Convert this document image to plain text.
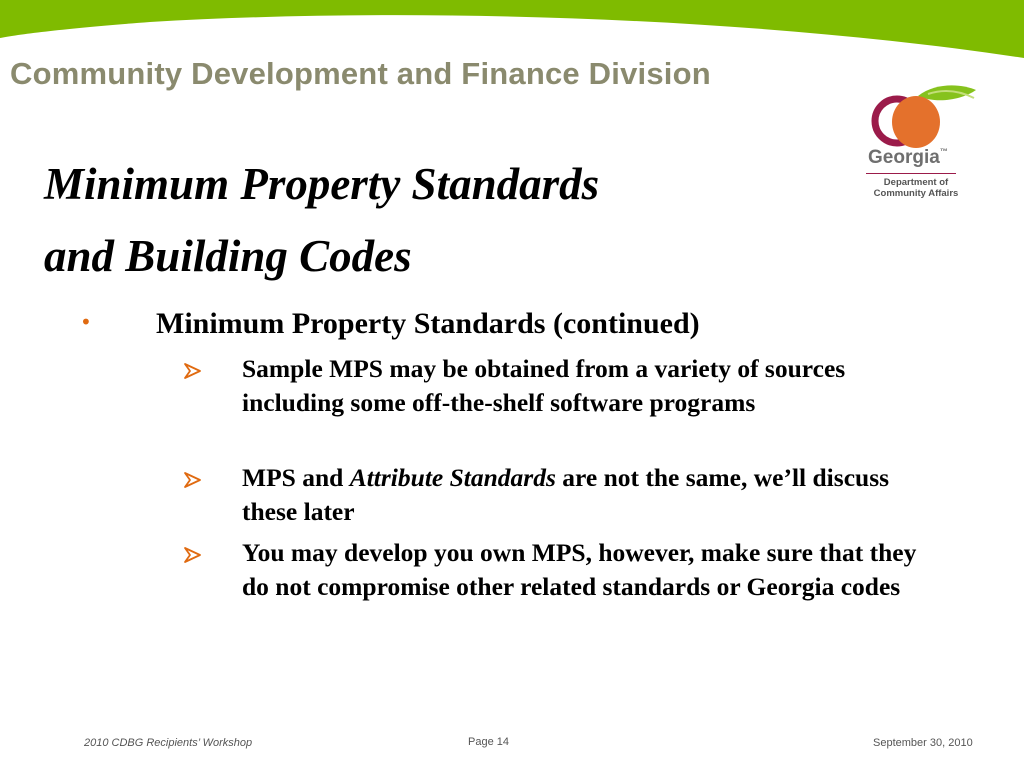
Community Development and Finance Division
Georgia™
Department of
Community Affairs
Minimum Property Standards
and Building Codes
• Minimum Property Standards (continued)
Sample MPS may be obtained from a variety of sources including some off-the-shelf software programs
MPS and Attribute Standards are not the same, we’ll discuss these later
You may develop you own MPS, however, make sure that they do not compromise other related standards or Georgia codes
2010 CDBG Recipients’ Workshop	Page 14	September 30, 2010
